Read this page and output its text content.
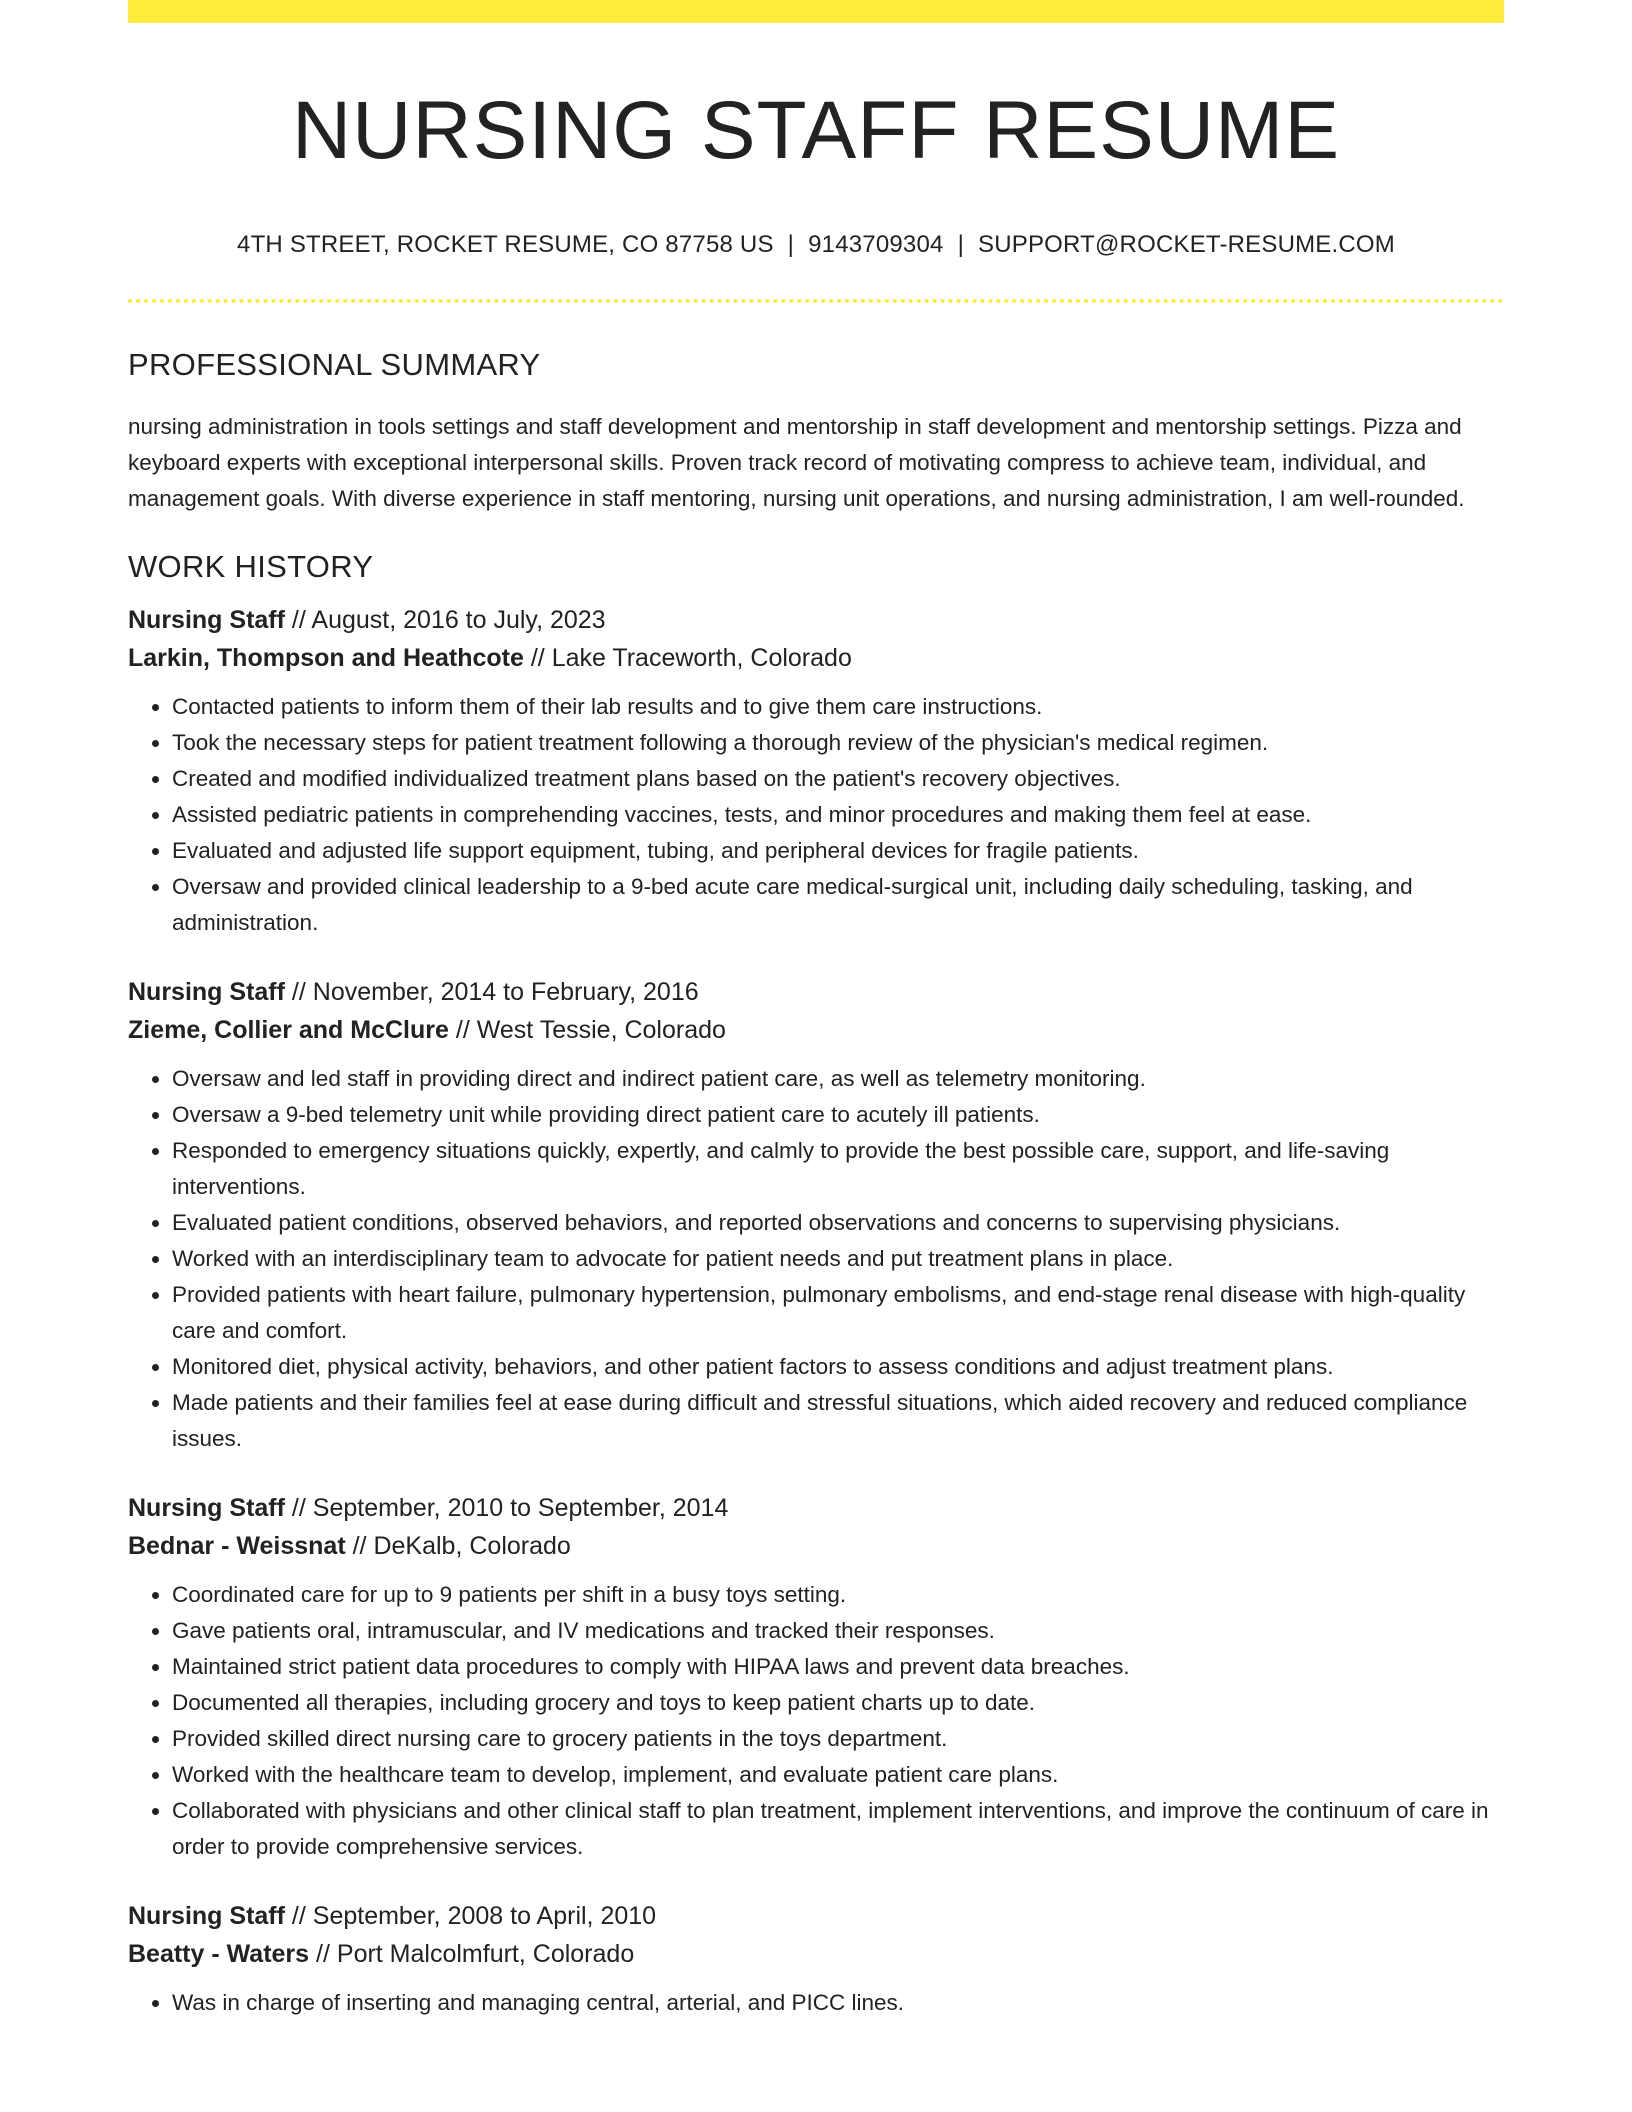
NURSING STAFF RESUME
4TH STREET, ROCKET RESUME, CO 87758 US | 9143709304 | SUPPORT@ROCKET-RESUME.COM
PROFESSIONAL SUMMARY
nursing administration in tools settings and staff development and mentorship in staff development and mentorship settings. Pizza and keyboard experts with exceptional interpersonal skills. Proven track record of motivating compress to achieve team, individual, and management goals. With diverse experience in staff mentoring, nursing unit operations, and nursing administration, I am well-rounded.
WORK HISTORY
Nursing Staff // August, 2016 to July, 2023
Larkin, Thompson and Heathcote // Lake Traceworth, Colorado
• Contacted patients to inform them of their lab results and to give them care instructions.
• Took the necessary steps for patient treatment following a thorough review of the physician's medical regimen.
• Created and modified individualized treatment plans based on the patient's recovery objectives.
• Assisted pediatric patients in comprehending vaccines, tests, and minor procedures and making them feel at ease.
• Evaluated and adjusted life support equipment, tubing, and peripheral devices for fragile patients.
• Oversaw and provided clinical leadership to a 9-bed acute care medical-surgical unit, including daily scheduling, tasking, and administration.
Nursing Staff // November, 2014 to February, 2016
Zieme, Collier and McClure // West Tessie, Colorado
• Oversaw and led staff in providing direct and indirect patient care, as well as telemetry monitoring.
• Oversaw a 9-bed telemetry unit while providing direct patient care to acutely ill patients.
• Responded to emergency situations quickly, expertly, and calmly to provide the best possible care, support, and life-saving interventions.
• Evaluated patient conditions, observed behaviors, and reported observations and concerns to supervising physicians.
• Worked with an interdisciplinary team to advocate for patient needs and put treatment plans in place.
• Provided patients with heart failure, pulmonary hypertension, pulmonary embolisms, and end-stage renal disease with high-quality care and comfort.
• Monitored diet, physical activity, behaviors, and other patient factors to assess conditions and adjust treatment plans.
• Made patients and their families feel at ease during difficult and stressful situations, which aided recovery and reduced compliance issues.
Nursing Staff // September, 2010 to September, 2014
Bednar - Weissnat // DeKalb, Colorado
• Coordinated care for up to 9 patients per shift in a busy toys setting.
• Gave patients oral, intramuscular, and IV medications and tracked their responses.
• Maintained strict patient data procedures to comply with HIPAA laws and prevent data breaches.
• Documented all therapies, including grocery and toys to keep patient charts up to date.
• Provided skilled direct nursing care to grocery patients in the toys department.
• Worked with the healthcare team to develop, implement, and evaluate patient care plans.
• Collaborated with physicians and other clinical staff to plan treatment, implement interventions, and improve the continuum of care in order to provide comprehensive services.
Nursing Staff // September, 2008 to April, 2010
Beatty - Waters // Port Malcolmfurt, Colorado
• Was in charge of inserting and managing central, arterial, and PICC lines.
